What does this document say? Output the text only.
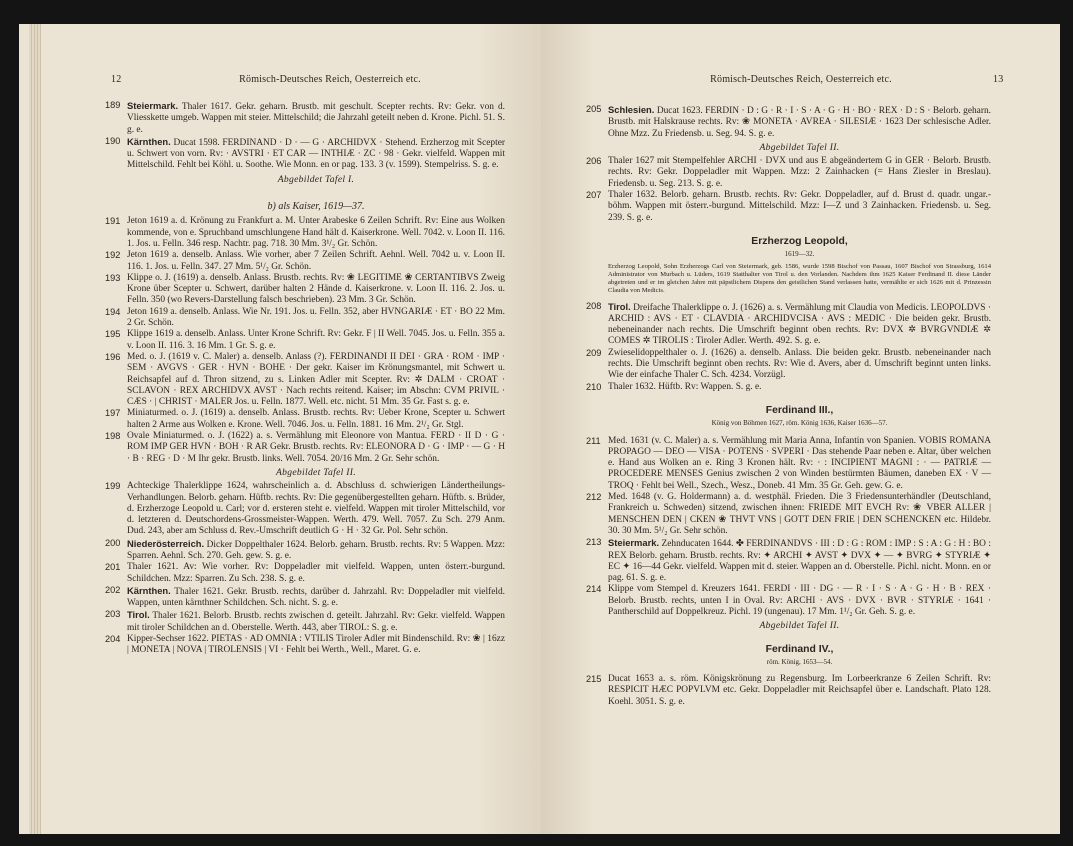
12	Römisch-Deutsches Reich, Oesterreich etc.
189 Steiermark. Thaler 1617. Gekr. geharn. Brustb. mit geschult. Scepter rechts. Rv: Gekr. von d. Vliesskette umgeb. Wappen mit steier. Mittelschild; die Jahrzahl geteilt neben d. Krone. Pichl. 51. S. g. e.
190 Kärnthen. Ducat 1598. FERDINAND · D · — G · ARCHIDVX · Stehend. Erzherzog mit Scepter u. Schwert von vorn. Rv: · AVSTRI · ET CAR — INTHIÆ · ZC · 98 · Gekr. vielfeld. Wappen mit Mittelschild. Fehlt bei Köhl. u. Soothe. Wie Monn. en or pag. 133. 3 (v. 1599). Stempelriss. S. g. e.
Abgebildet Tafel I.
b) als Kaiser, 1619—37.
191 Jeton 1619 a. d. Krönung zu Frankfurt a. M. Unter Arabeske 6 Zeilen Schrift. Rv: Eine aus Wolken kommende, von e. Spruchband umschlungene Hand hält d. Kaiserkrone. Well. 7042. v. Loon II. 116. 1. Jos. u. Felln. 346 resp. Nachtr. pag. 718. 30 Mm. 3¹/₂ Gr. Schön.
192 Jeton 1619 a. denselb. Anlass. Wie vorher, aber 7 Zeilen Schrift. Aehnl. Well. 7042 u. v. Loon II. 116. 1. Jos. u. Felln. 347. 27 Mm. 5¹/₂ Gr. Schön.
193 Klippe o. J. (1619) a. denselb. Anlass. Brustb. rechts. Rv: ❀ LEGITIME ❀ CERTANTIBVS Zweig Krone über Scepter u. Schwert, darüber halten 2 Hände d. Kaiserkrone. v. Loon II. 116. 2. Jos. u. Felln. 350 (wo Revers-Darstellung falsch beschrieben). 23 Mm. 3 Gr. Schön.
194 Jeton 1619 a. denselb. Anlass. Wie Nr. 191. Jos. u. Felln. 352, aber HVNGARIÆ · ET · BO 22 Mm. 2 Gr. Schön.
195 Klippe 1619 a. denselb. Anlass. Unter Krone Schrift. Rv: Gekr. F | II Well. 7045. Jos. u. Felln. 355 a. v. Loon II. 116. 3. 16 Mm. 1 Gr. S. g. e.
196 Med. o. J. (1619 v. C. Maler) a. denselb. Anlass (?). FERDINANDI II DEI · GRA · ROM · IMP · SEM · AVGVS · GER · HVN · BOHE · Der gekr. Kaiser im Krönungsmantel, mit Schwert u. Reichsapfel auf d. Thron sitzend, zu s. Linken Adler mit Scepter. Rv: ✲ DALM · CROAT · SCLAVON · REX ARCHIDVX AVST · Nach rechts reitend. Kaiser; im Abschn: CVM PRIVIL · CÆS · | CHRIST · MALER Jos. u. Felln. 1877. Well. etc. nicht. 51 Mm. 35 Gr. Fast s. g. e.
197 Miniaturmed. o. J. (1619) a. denselb. Anlass. Brustb. rechts. Rv: Ueber Krone, Scepter u. Schwert halten 2 Arme aus Wolken e. Krone. Well. 7046. Jos. u. Felln. 1881. 16 Mm. 2¹/₂ Gr. Stgl.
198 Ovale Miniaturmed. o. J. (1622) a. s. Vermählung mit Eleonore von Mantua. FERD · II D · G · ROM IMP GER HVN · BOH · R AR Gekr. Brustb. rechts. Rv: ELEONORA D · G · IMP · — G · H · B · REG · D · M Ihr gekr. Brustb. links. Well. 7054. 20/16 Mm. 2 Gr. Sehr schön.
Abgebildet Tafel II.
199 Achteckige Thalerklippe 1624, wahrscheinlich a. d. Abschluss d. schwierigen Ländertheilungs-Verhandlungen. Belorb. geharn. Hüftb. rechts. Rv: Die gegenübergestellten geharn. Hüftb. s. Brüder, d. Erzherzoge Leopold u. Carl; vor d. ersteren steht e. vielfeld. Wappen mit tiroler Mittelschild, vor d. letzteren d. Deutschordens-Grossmeister-Wappen. Werth. 479. Well. 7057. Zu Sch. 279 Anm. Dud. 243, aber am Schluss d. Rev.-Umschrift deutlich G · H · 32 Gr. Pol. Sehr schön.
200 Niederösterreich. Dicker Doppelthaler 1624. Belorb. geharn. Brustb. rechts. Rv: 5 Wappen. Mzz: Sparren. Aehnl. Sch. 270. Geh. gew. S. g. e.
201 Thaler 1621. Av: Wie vorher. Rv: Doppeladler mit vielfeld. Wappen, unten österr.-burgund. Schildchen. Mzz: Sparren. Zu Sch. 238. S. g. e.
202 Kärnthen. Thaler 1621. Gekr. Brustb. rechts, darüber d. Jahrzahl. Rv: Doppeladler mit vielfeld. Wappen, unten kärnthner Schildchen. Sch. nicht. S. g. e.
203 Tirol. Thaler 1621. Belorb. Brustb. rechts zwischen d. geteilt. Jahrzahl. Rv: Gekr. vielfeld. Wappen mit tiroler Schildchen an d. Oberstelle. Werth. 443, aber TIROL: S. g. e.
204 Kipper-Sechser 1622. PIETAS · AD OMNIA : VTILIS Tiroler Adler mit Bindenschild. Rv: ❀ | 16zz | MONETA | NOVA | TIROLENSIS | VI · Fehlt bei Werth., Well., Maret. G. e.
Römisch-Deutsches Reich, Oesterreich etc.	13
205 Schlesien. Ducat 1623. FERDIN · D : G · R · I · S · A · G · H · BO · REX · D : S · Belorb. geharn. Brustb. mit Halskrause rechts. Rv: ❀ MONETA · AVREA · SILESIÆ · 1623 Der schlesische Adler. Ohne Mzz. Zu Friedensb. u. Seg. 94. S. g. e.
Abgebildet Tafel II.
206 Thaler 1627 mit Stempelfehler ARCHI · DVX und aus E abgeändertem G in GER · Belorb. Brustb. rechts. Rv: Gekr. Doppeladler mit Wappen. Mzz: 2 Zainhacken (= Hans Ziesler in Breslau). Friedensb. u. Seg. 213. S. g. e.
207 Thaler 1632. Belorb. geharn. Brustb. rechts. Rv: Gekr. Doppeladler, auf d. Brust d. quadr. ungar.-böhm. Wappen mit österr.-burgund. Mittelschild. Mzz: I—Z und 3 Zainhacken. Friedensb. u. Seg. 239. S. g. e.
Erzherzog Leopold,
1619—32.
Erzherzog Leopold, Sohn Erzherzogs Carl von Steiermark, geb. 1586, wurde 1598 Bischof von Passau, 1607 Bischof von Strassburg, 1614 Administrator von Murbach u. Lüders, 1619 Statthalter von Tirol u. den Vorlanden. Nachdem ihm 1625 Kaiser Ferdinand II. diese Länder abgetreten und er im gleichen Jahre mit päpstlichem Dispens den geistlichen Stand verlassen hatte, vermählte er sich 1626 mit d. Prinzessin Claudia von Medicis.
208 Tirol. Dreifache Thalerklippe o. J. (1626) a. s. Vermählung mit Claudia von Medicis. LEOPOLDVS · ARCHID : AVS · ET · CLAVDIA · ARCHIDVCISA · AVS : MEDIC · Die beiden gekr. Brustb. nebeneinander nach rechts. Die Umschrift beginnt oben rechts. Rv: DVX ✲ BVRGVNDIÆ ✲ COMES ✲ TIROLIS : Tiroler Adler. Werth. 492. S. g. e.
209 Zwieselidoppelthaler o. J. (1626) a. denselb. Anlass. Die beiden gekr. Brustb. nebeneinander nach rechts. Die Umschrift beginnt oben rechts. Rv: Wie d. Avers, aber d. Umschrift beginnt unten links. Wie der einfache Thaler C. Sch. 4234. Vorzügl.
210 Thaler 1632. Hüftb. Rv: Wappen. S. g. e.
Ferdinand III.,
König von Böhmen 1627, röm. König 1636, Kaiser 1636—57.
211 Med. 1631 (v. C. Maler) a. s. Vermählung mit Maria Anna, Infantin von Spanien. VOBIS ROMANA PROPAGO — DEO — VISA · POTENS · SVPERI · Das stehende Paar neben e. Altar, über welchen e. Hand aus Wolken an e. Ring 3 Kronen hält. Rv: · : INCIPIENT MAGNI : · — PATRIÆ — PROCEDERE MENSES Genius zwischen 2 von Winden bestürmten Bäumen, daneben EX · V — TROQ · Fehlt bei Well., Szech., Wesz., Doneb. 41 Mm. 35 Gr. Geh. gew. G. e.
212 Med. 1648 (v. G. Holdermann) a. d. westphäl. Frieden. Die 3 Friedensunterhändler (Deutschland, Frankreich u. Schweden) sitzend, zwischen ihnen: FRIEDE MIT EVCH Rv: ❀ VBER ALLER | MENSCHEN DEN | CKEN ❀ THVT VNS | GOTT DEN FRIE | DEN SCHENCKEN etc. Hildebr. 30. 30 Mm. 5¹/₂ Gr. Sehr schön.
213 Steiermark. Zehnducaten 1644. ✤ FERDINANDVS · III : D : G : ROM : IMP : S : A : G : H : BO : REX Belorb. geharn. Brustb. rechts. Rv: ✦ ARCHI ✦ AVST ✦ DVX ✦ — ✦ BVRG ✦ STYRIÆ ✦ EC ✦ 16—44 Gekr. vielfeld. Wappen mit d. steier. Wappen an d. Oberstelle. Pichl. nicht. Monn. en or pag. 61. S. g. e.
214 Klippe vom Stempel d. Kreuzers 1641. FERDI · III · DG · — R · I · S · A · G · H · B · REX · Belorb. Brustb. rechts, unten I in Oval. Rv: ARCHI · AVS · DVX · BVR · STYRIÆ · 1641 · Pantherschild auf Doppelkreuz. Pichl. 19 (ungenau). 17 Mm. 1¹/₂ Gr. Geh. S. g. e.
Abgebildet Tafel II.
Ferdinand IV.,
röm. König, 1653—54.
215 Ducat 1653 a. s. röm. Königskrönung zu Regensburg. Im Lorbeerkranze 6 Zeilen Schrift. Rv: RESPICIT HÆC POPVLVM etc. Gekr. Doppeladler mit Reichsapfel über e. Landschaft. Plato 128. Koehl. 3051. S. g. e.
